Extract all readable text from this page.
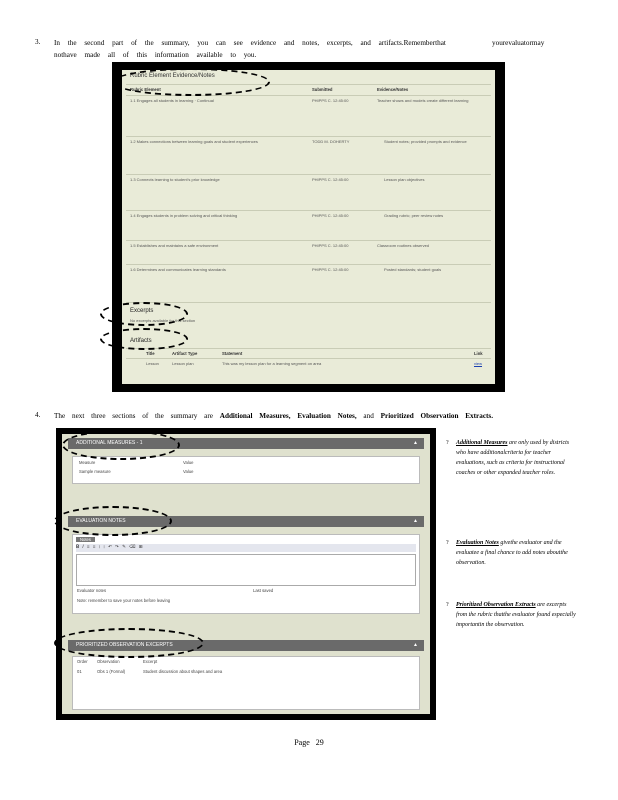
3. In the second part of the summary, you can see evidence and notes, excerpts, and artifacts.Rememberthat	yourevaluatormay
nothave made all of this information available to you.
Rubric Element Evidence/Notes
Rubric Element	Submitted	Evidence/Notes
1.1 Engages all students in learning · Continual	PHIPPS C. 12:45:00	Teacher shows and models create different learning
1.2 Makes connections between learning goals and student experiences	TODD M. DOHERTY	Student notes; provided prompts and evidence
1.3 Connects learning to student's prior knowledge	PHIPPS C. 12:45:00	Lesson plan objectives
1.4 Engages students in problem solving and critical thinking	PHIPPS C. 12:45:00	Grading rubric; peer review notes
1.5 Establishes and maintains a safe environment	PHIPPS C. 12:45:00	Classroom routines observed
1.6 Determines and communicates learning standards	PHIPPS C. 12:45:00	Posted standards; student goals
Excerpts
No excerpts available for this section
Artifacts
Title	Artifact Type	Statement	Link
Lesson	Lesson plan	This was my lesson plan for a learning segment on area	view
4. The next three sections of the summary are Additional Measures, Evaluation Notes, and Prioritized Observation Extracts.
ADDITIONAL MEASURES - 1	▲
Measure	Value
Sample measure	Value
EVALUATION NOTES	▲
Notes
𝐁 𝐼 ≡ ≡ ⁝ ⁝ ↶ ↷ ✎ ⌫ ⊞
Evaluator notes	Last saved
Note: remember to save your notes before leaving
PRIORITIZED OBSERVATION EXCERPTS	▲
Order Observation	Excerpt
01	Obs 1 (Formal)	Student discussion about shapes and area
? Additional Measures are only used by districts who have additionalcriteria for teacher evaluations, such as criteria for instructional coaches or other expanded teacher roles.
? Evaluation Notes givethe evaluator and the evaluatee a final chance to add notes aboutthe observation.
? Prioritized Observation Extracts are excerpts from the rubric thatthe evaluator found especially importantin the observation.
Page 29
